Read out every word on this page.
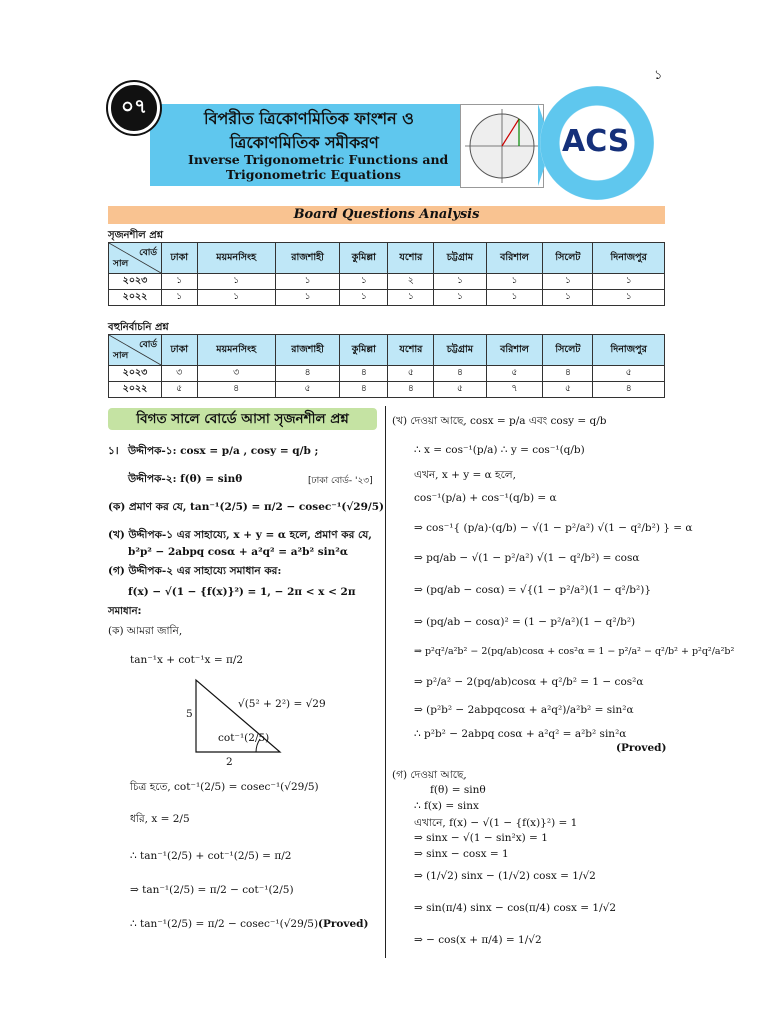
১
০৭
বিপরীত ত্রিকোণমিতিক ফাংশন ও
ত্রিকোণমিতিক সমীকরণ
Inverse Trigonometric Functions and
Trigonometric Equations
ACS
Board Questions Analysis
সৃজনশীল প্রশ্ন
বোর্ড
সাল	ঢাকা	ময়মনসিংহ	রাজশাহী	কুমিল্লা	যশোর	চট্টগ্রাম	বরিশাল	সিলেট	দিনাজপুর
২০২৩	১	১	১	১	২	১	১	১	১
২০২২	১	১	১	১	১	১	১	১	১
বহুনির্বাচনি প্রশ্ন
বোর্ড
সাল	ঢাকা	ময়মনসিংহ	রাজশাহী	কুমিল্লা	যশোর	চট্টগ্রাম	বরিশাল	সিলেট	দিনাজপুর
২০২৩	৩	৩	৪	৪	৫	৪	৫	৪	৫
২০২২	৫	৪	৫	৪	৪	৫	৭	৫	৪
বিগত সালে বোর্ডে আসা সৃজনশীল প্রশ্ন
১। উদ্দীপক-১: cosx = p/a , cosy = q/b ;
উদ্দীপক-২: f(θ) = sinθ	[ঢাকা বোর্ড- '২৩]
(ক) প্রমাণ কর যে, tan⁻¹(2/5) = π/2 − cosec⁻¹(√29/5)
(খ) উদ্দীপক-১ এর সাহায্যে, x + y = α হলে, প্রমাণ কর যে,
b²p² − 2abpq cosα + a²q² = a²b² sin²α
(গ) উদ্দীপক-২ এর সাহায্যে সমাধান কর:
f(x) − √(1 − {f(x)}²) = 1, − 2π < x < 2π
সমাধান:
(ক) আমরা জানি,
tan⁻¹x + cot⁻¹x = π/2
5
2
√(5² + 2²) = √29
cot⁻¹(2/5)
চিত্র হতে, cot⁻¹(2/5) = cosec⁻¹(√29/5)
ধরি, x = 2/5
∴ tan⁻¹(2/5) + cot⁻¹(2/5) = π/2
⇒ tan⁻¹(2/5) = π/2 − cot⁻¹(2/5)
∴ tan⁻¹(2/5) = π/2 − cosec⁻¹(√29/5) (Proved)
(খ) দেওয়া আছে, cosx = p/a এবং cosy = q/b
∴ x = cos⁻¹(p/a) ∴ y = cos⁻¹(q/b)
এখন, x + y = α হলে,
cos⁻¹(p/a) + cos⁻¹(q/b) = α
⇒ cos⁻¹{ (p/a)·(q/b) − √(1 − p²/a²) √(1 − q²/b²) } = α
⇒ pq/ab − √(1 − p²/a²) √(1 − q²/b²) = cosα
⇒ (pq/ab − cosα) = √{(1 − p²/a²)(1 − q²/b²)}
⇒ (pq/ab − cosα)² = (1 − p²/a²)(1 − q²/b²)
⇒ p²q²/a²b² − 2(pq/ab)cosα + cos²α = 1 − p²/a² − q²/b² + p²q²/a²b²
⇒ p²/a² − 2(pq/ab)cosα + q²/b² = 1 − cos²α
⇒ (p²b² − 2abpqcosα + a²q²)/a²b² = sin²α
∴ p²b² − 2abpq cosα + a²q² = a²b² sin²α
(Proved)
(গ) দেওয়া আছে,
f(θ) = sinθ
∴ f(x) = sinx
এখানে, f(x) − √(1 − {f(x)}²) = 1
⇒ sinx − √(1 − sin²x) = 1
⇒ sinx − cosx = 1
⇒ (1/√2) sinx − (1/√2) cosx = 1/√2
⇒ sin(π/4) sinx − cos(π/4) cosx = 1/√2
⇒ − cos(x + π/4) = 1/√2
